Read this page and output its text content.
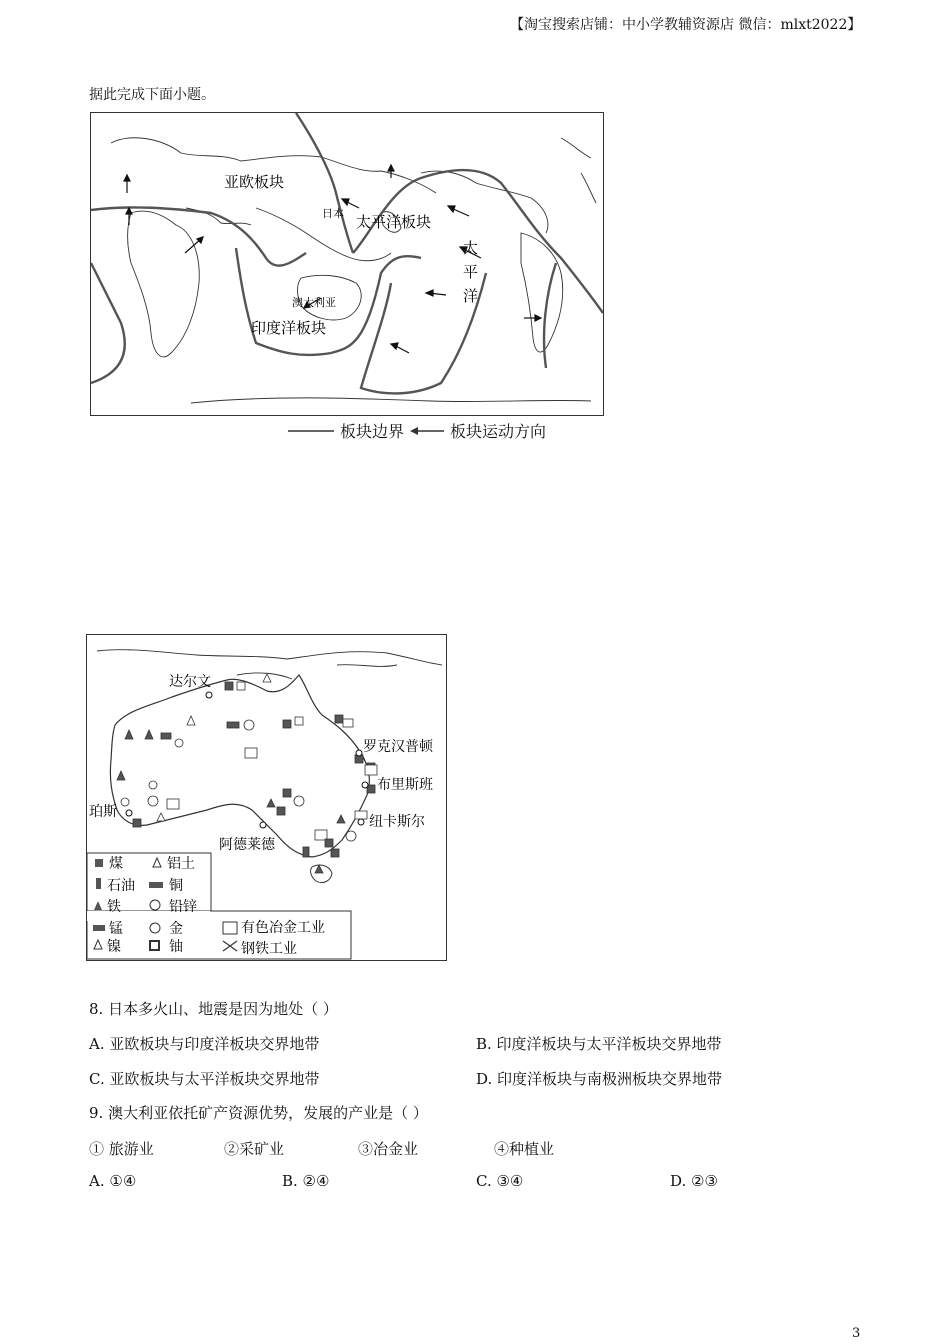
【淘宝搜索店铺：中小学教辅资源店 微信：mlxt2022】
据此完成下面小题。
亚欧板块
太平洋板块
印度洋板块
太
平
洋
日本
澳大利亚
板块边界	板块运动方向
达尔文
罗克汉普顿
布里斯班
纽卡斯尔
珀斯
阿德莱德
煤	铝土
石油 铜
铁	铅锌
锰	金
镍	铀
有色冶金工业
钢铁工业
8. 日本多火山、地震是因为地处（ ）
A. 亚欧板块与印度洋板块交界地带	B. 印度洋板块与太平洋板块交界地带
C. 亚欧板块与太平洋板块交界地带	D. 印度洋板块与南极洲板块交界地带
9. 澳大利亚依托矿产资源优势，发展的产业是（ ）
① 旅游业	②采矿业	③冶金业	④种植业
A. ①④	B. ②④	C. ③④	D. ②③
3
